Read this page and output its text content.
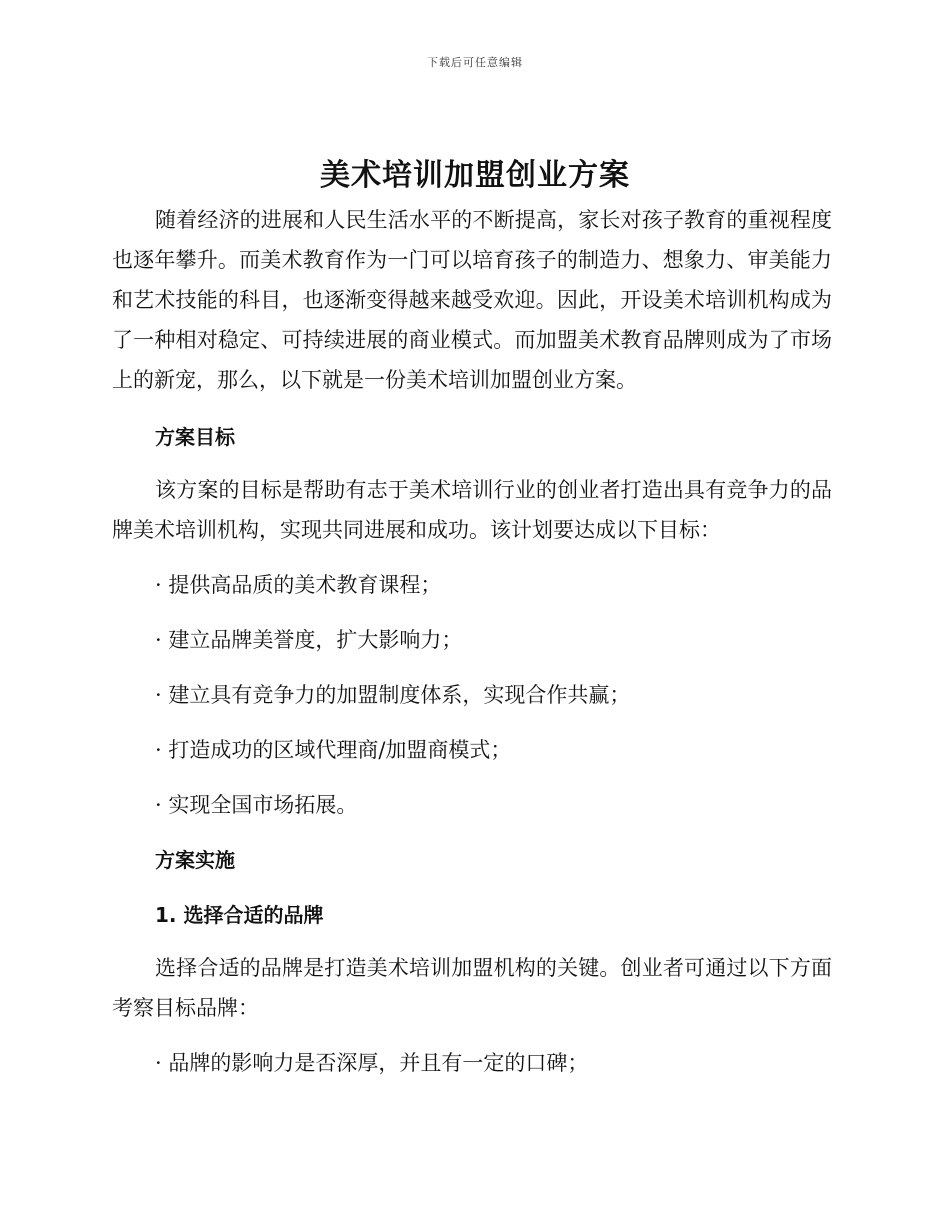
下载后可任意编辑
美术培训加盟创业方案

随着经济的进展和人民生活水平的不断提高，家长对孩子教育的重视程度也逐年攀升。而美术教育作为一门可以培育孩子的制造力、想象力、审美能力和艺术技能的科目，也逐渐变得越来越受欢迎。因此，开设美术培训机构成为了一种相对稳定、可持续进展的商业模式。而加盟美术教育品牌则成为了市场上的新宠，那么，以下就是一份美术培训加盟创业方案。

方案目标

该方案的目标是帮助有志于美术培训行业的创业者打造出具有竞争力的品牌美术培训机构，实现共同进展和成功。该计划要达成以下目标：

· 提供高品质的美术教育课程；

· 建立品牌美誉度，扩大影响力；

· 建立具有竞争力的加盟制度体系，实现合作共赢；

· 打造成功的区域代理商/加盟商模式；

· 实现全国市场拓展。

方案实施

1. 选择合适的品牌

选择合适的品牌是打造美术培训加盟机构的关键。创业者可通过以下方面考察目标品牌：

· 品牌的影响力是否深厚，并且有一定的口碑；
